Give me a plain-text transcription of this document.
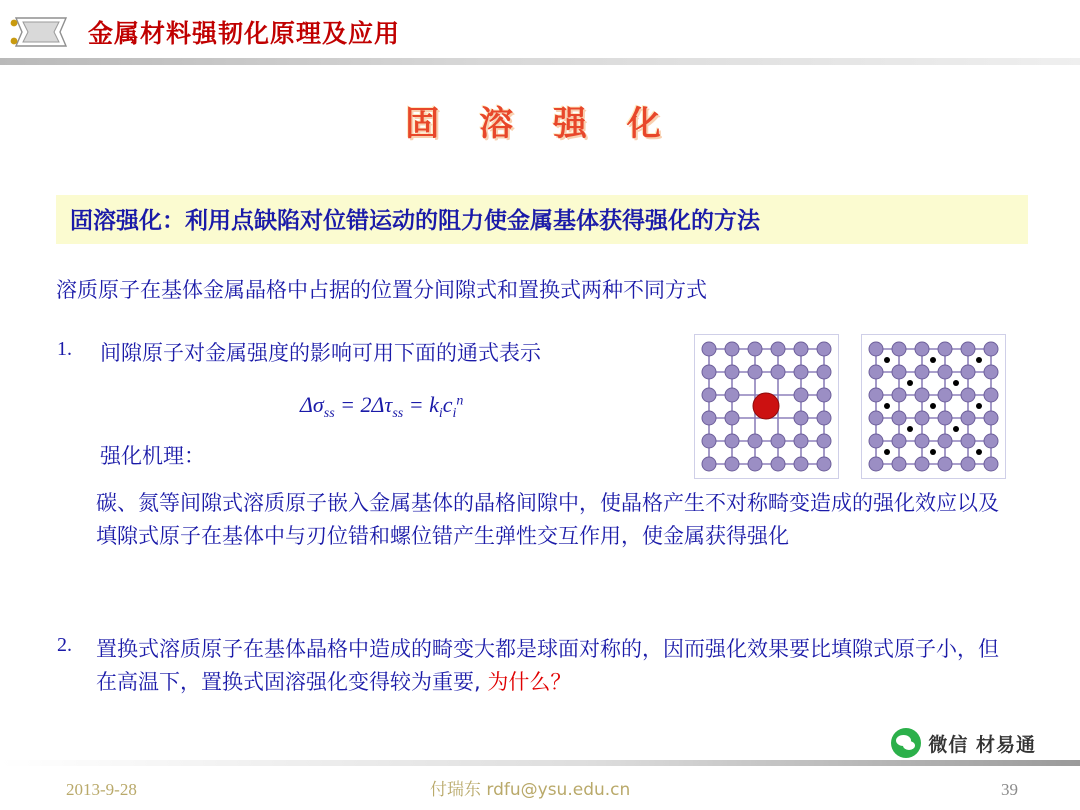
金属材料强韧化原理及应用
固 溶 强 化
固溶强化：利用点缺陷对位错运动的阻力使金属基体获得强化的方法
溶质原子在基体金属晶格中占据的位置分间隙式和置换式两种不同方式
1. 间隙原子对金属强度的影响可用下面的通式表示
$\Delta\sigma_{ss} = 2\Delta\tau_{ss} = k_ic_i^n$
强化机理：
碳、氮等间隙式溶质原子嵌入金属基体的晶格间隙中，使晶格产生不对称畸变造成的强化效应以及填隙式原子在基体中与刃位错和螺位错产生弹性交互作用，使金属获得强化
2. 置换式溶质原子在基体晶格中造成的畸变大都是球面对称的，因而强化效果要比填隙式原子小，但在高温下，置换式固溶强化变得较为重要, 为什么？
微信 材易通
2013-9-28	付瑞东 rdfu@ysu.edu.cn	39
